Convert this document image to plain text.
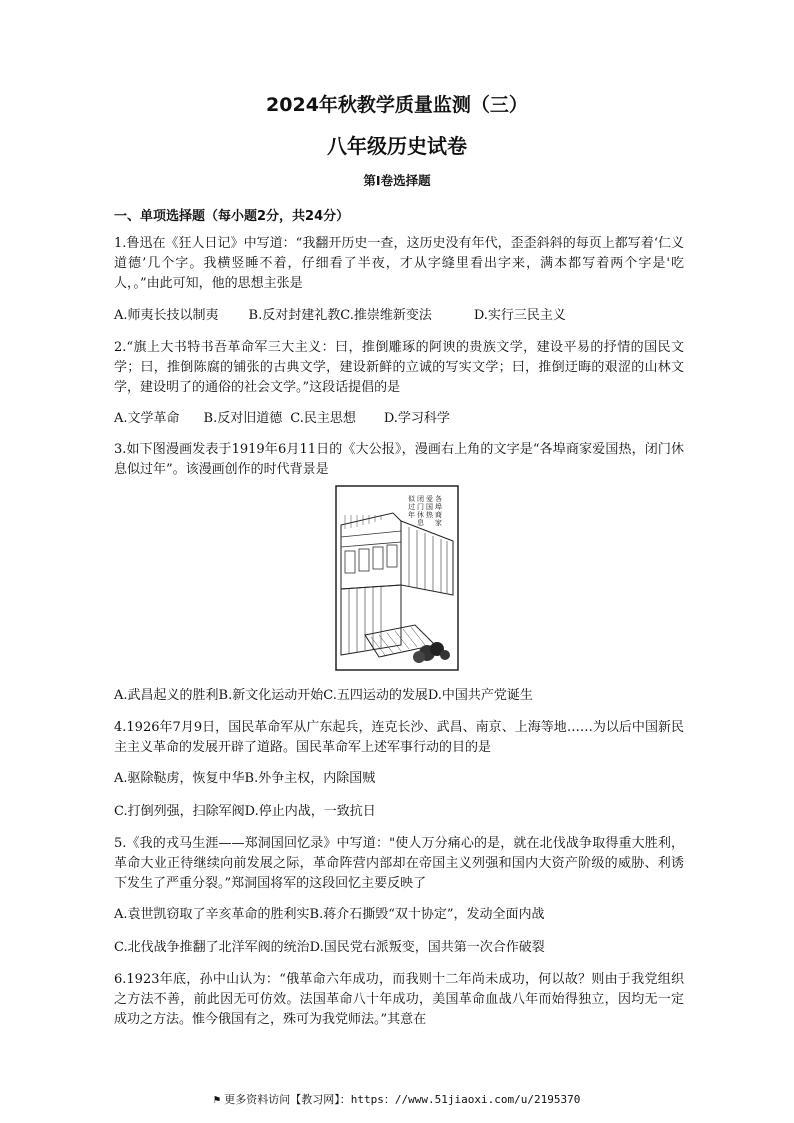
2024年秋教学质量监测（三）
八年级历史试卷
第I卷选择题
一、单项选择题（每小题2分，共24分）
1.鲁迅在《狂人日记》中写道：“我翻开历史一查，这历史没有年代，歪歪斜斜的每页上都写着‘仁义道德’几个字。我横竖睡不着，仔细看了半夜，才从字缝里看出字来，满本都写着两个字是'吃人，。”由此可知，他的思想主张是
A.师夷长技以制夷 B.反对封建礼教C.推崇维新变法	D.实行三民主义
2.“旗上大书特书吾革命军三大主义：曰，推倒雕琢的阿谀的贵族文学，建设平易的抒情的国民文学；曰，推倒陈腐的铺张的古典文学，建设新鲜的立诚的写实文学；曰，推倒迂晦的艰涩的山林文学，建设明了的通俗的社会文学。”这段话提倡的是
A.文学革命 B.反对旧道德 C.民主思想 D.学习科学
3.如下图漫画发表于1919年6月11日的《大公报》，漫画右上角的文字是“各埠商家爱国热，闭门休息似过年”。该漫画创作的时代背景是
各
埠
商
家
爱
国
热
闭
门
休
息
似
过
年
A.武昌起义的胜利B.新文化运动开始C.五四运动的发展D.中国共产党诞生
4.1926年7月9日，国民革命军从广东起兵，连克长沙、武昌、南京、上海等地……为以后中国新民主主义革命的发展开辟了道路。国民革命军上述军事行动的目的是
A.驱除鞑虏，恢复中华B.外争主权，内除国贼
C.打倒列强，扫除军阀D.停止内战，一致抗日
5.《我的戎马生涯——郑洞国回忆录》中写道："使人万分痛心的是，就在北伐战争取得重大胜利，革命大业正待继续向前发展之际，革命阵营内部却在帝国主义列强和国内大资产阶级的威胁、利诱下发生了严重分裂。”郑洞国将军的这段回忆主要反映了
A.袁世凯窃取了辛亥革命的胜利实B.蒋介石撕毁“双十协定”，发动全面内战
C.北伐战争推翻了北洋军阀的统治D.国民党右派叛变，国共第一次合作破裂
6.1923年底，孙中山认为：“俄革命六年成功，而我则十二年尚未成功，何以故？则由于我党组织之方法不善，前此因无可仿效。法国革命八十年成功，美国革命血战八年而始得独立，因均无一定成功之方法。惟今俄国有之，殊可为我党师法。”其意在
⚑ 更多资料访问【教习网】：https：//www.51jiaoxi.com/u/2195370
